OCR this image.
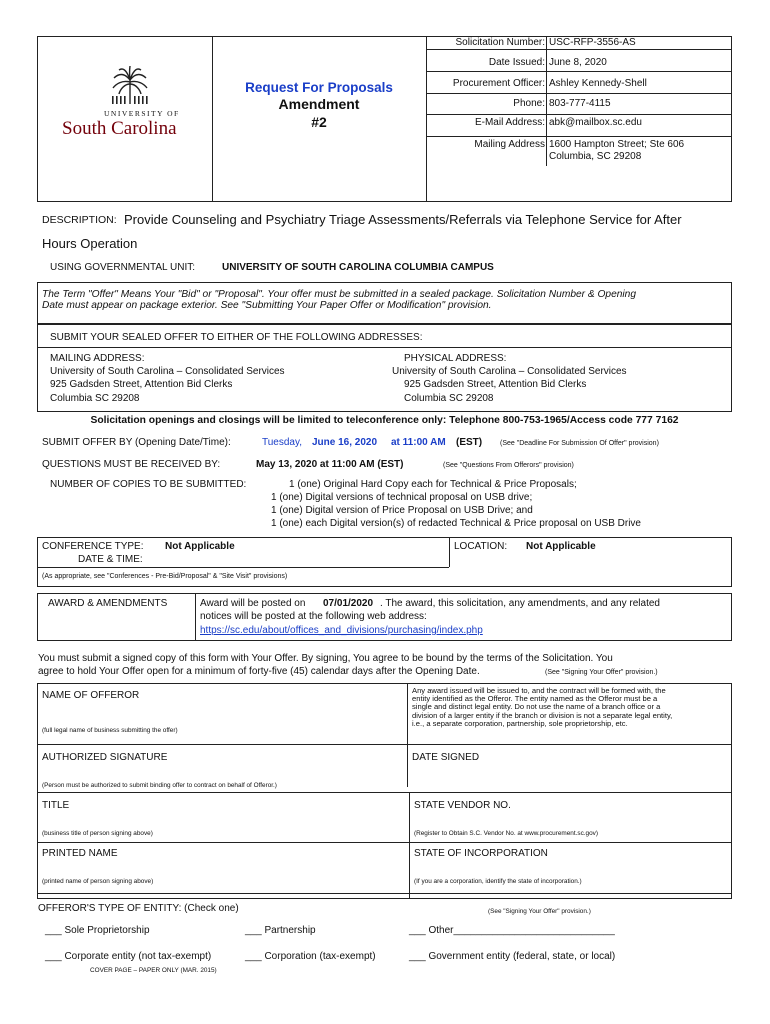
UNIVERSITY OF
South Carolina
Request For Proposals
Amendment
#2
Solicitation Number: USC-RFP-3556-AS
Date Issued: June 8, 2020
Procurement Officer: Ashley Kennedy-Shell
Phone: 803-777-4115
E-Mail Address: abk@mailbox.sc.edu
Mailing Address 1600 Hampton Street; Ste 606
Columbia, SC 29208
DESCRIPTION: Provide Counseling and Psychiatry Triage Assessments/Referrals via Telephone Service for After
Hours Operation
USING GOVERNMENTAL UNIT:	UNIVERSITY OF SOUTH CAROLINA COLUMBIA CAMPUS
The Term "Offer" Means Your "Bid" or "Proposal". Your offer must be submitted in a sealed package. Solicitation Number & Opening
Date must appear on package exterior. See "Submitting Your Paper Offer or Modification" provision.
SUBMIT YOUR SEALED OFFER TO EITHER OF THE FOLLOWING ADDRESSES:
MAILING ADDRESS:
University of South Carolina – Consolidated Services
925 Gadsden Street, Attention Bid Clerks
Columbia SC 29208
PHYSICAL ADDRESS:
University of South Carolina – Consolidated Services
925 Gadsden Street, Attention Bid Clerks
Columbia SC 29208
Solicitation openings and closings will be limited to teleconference only: Telephone 800-753-1965/Access code 777 7162
SUBMIT OFFER BY (Opening Date/Time):	Tuesday, June 16, 2020 at 11:00 AM (EST)	(See "Deadline For Submission Of Offer" provision)
QUESTIONS MUST BE RECEIVED BY:	May 13, 2020 at 11:00 AM (EST)	(See "Questions From Offerors" provision)
NUMBER OF COPIES TO BE SUBMITTED:	1 (one) Original Hard Copy each for Technical & Price Proposals;
1 (one) Digital versions of technical proposal on USB drive;
1 (one) Digital version of Price Proposal on USB Drive; and
1 (one) each Digital version(s) of redacted Technical & Price proposal on USB Drive
CONFERENCE TYPE: Not Applicable
DATE & TIME:
LOCATION: Not Applicable
(As appropriate, see "Conferences - Pre-Bid/Proposal" & "Site Visit" provisions)
AWARD & AMENDMENTS	Award will be posted on 07/01/2020 . The award, this solicitation, any amendments, and any related
notices will be posted at the following web address:
https://sc.edu/about/offices_and_divisions/purchasing/index.php
You must submit a signed copy of this form with Your Offer. By signing, You agree to be bound by the terms of the Solicitation. You
agree to hold Your Offer open for a minimum of forty-five (45) calendar days after the Opening Date.	(See "Signing Your Offer" provision.)
NAME OF OFFEROR
(full legal name of business submitting the offer)
Any award issued will be issued to, and the contract will be formed with, the
entity identified as the Offeror. The entity named as the Offeror must be a
single and distinct legal entity. Do not use the name of a branch office or a
division of a larger entity if the branch or division is not a separate legal entity,
i.e., a separate corporation, partnership, sole proprietorship, etc.
AUTHORIZED SIGNATURE	DATE SIGNED
(Person must be authorized to submit binding offer to contract on behalf of Offeror.)
TITLE
(business title of person signing above)
STATE VENDOR NO.
(Register to Obtain S.C. Vendor No. at www.procurement.sc.gov)
PRINTED NAME
(printed name of person signing above)
STATE OF INCORPORATION
(If you are a corporation, identify the state of incorporation.)
OFFEROR'S TYPE OF ENTITY: (Check one)	(See "Signing Your Offer" provision.)
___ Sole Proprietorship	___ Partnership	___ Other_____________________________
___ Corporate entity (not tax-exempt)	___ Corporation (tax-exempt)	___ Government entity (federal, state, or local)
COVER PAGE – PAPER ONLY (MAR. 2015)
